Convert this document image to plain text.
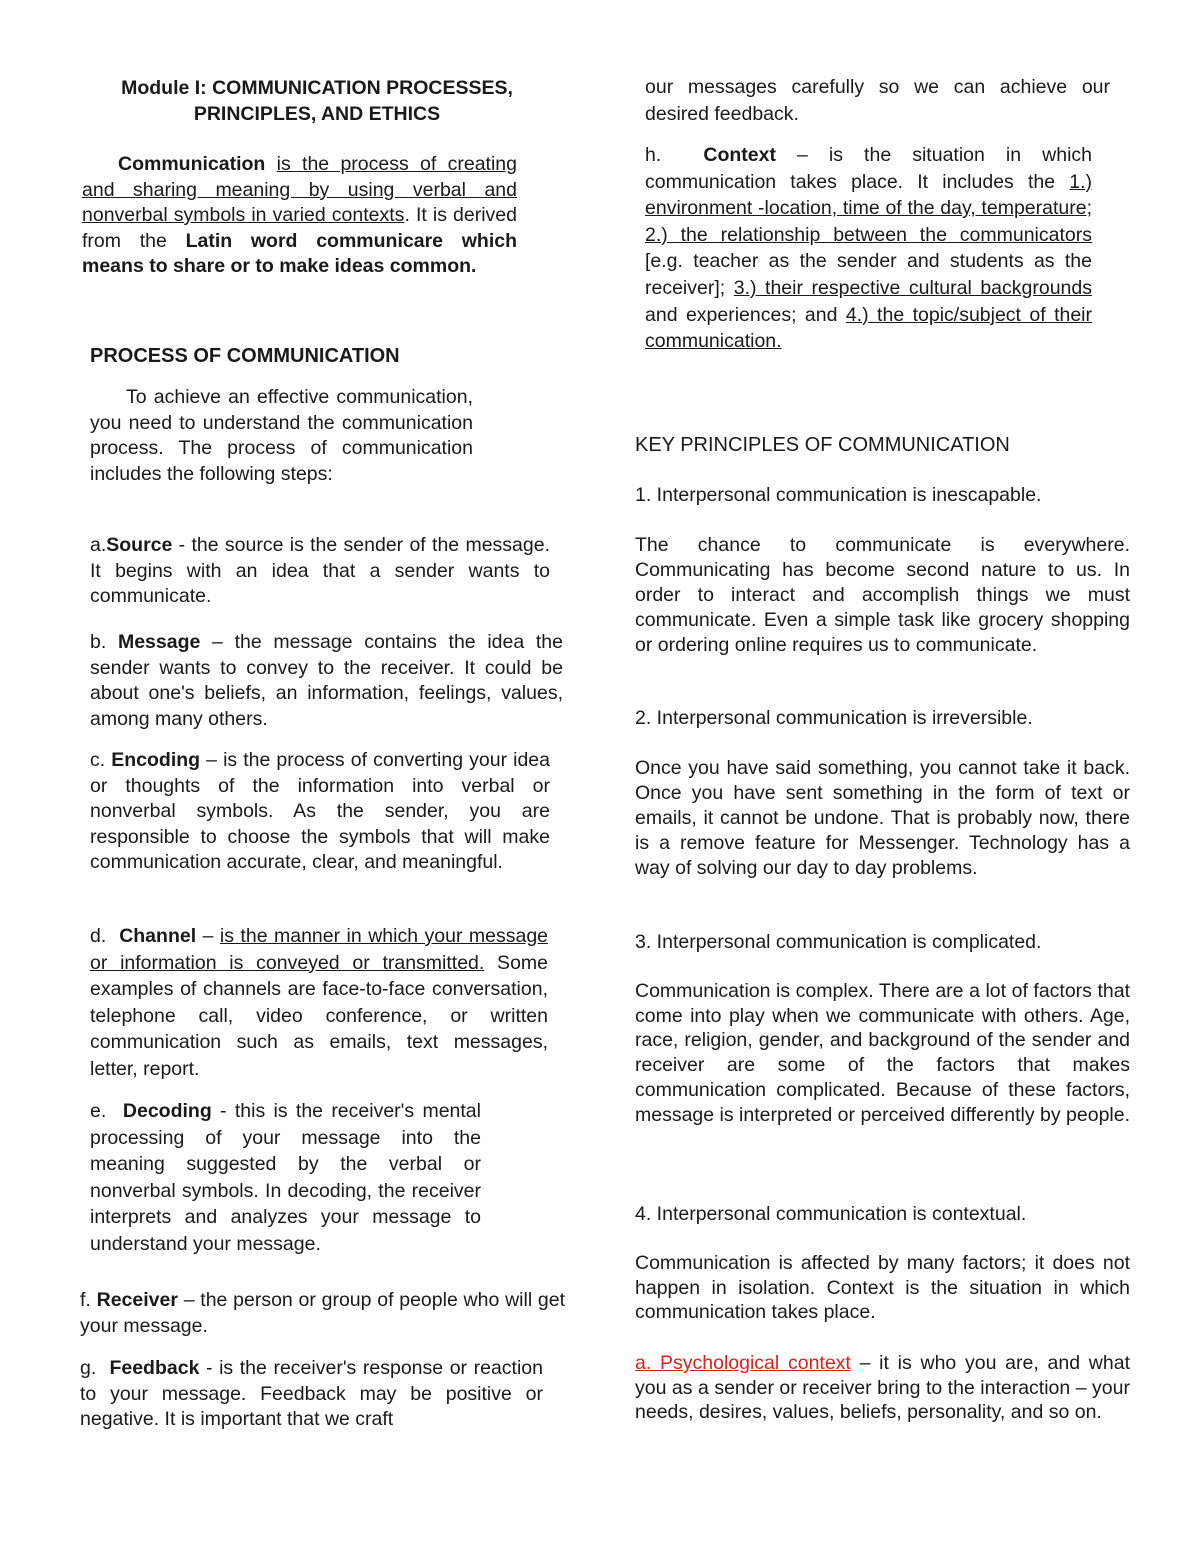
Module I: COMMUNICATION PROCESSES,
PRINCIPLES, AND ETHICS
Communication is the process of creating and sharing meaning by using verbal and nonverbal symbols in varied contexts. It is derived from the Latin word communicare which means to share or to make ideas common.
PROCESS OF COMMUNICATION
To achieve an effective communication, you need to understand the communication process. The process of communication includes the following steps:
a.Source - the source is the sender of the message. It begins with an idea that a sender wants to communicate.
b. Message – the message contains the idea the sender wants to convey to the receiver. It could be about one's beliefs, an information, feelings, values, among many others.
c. Encoding – is the process of converting your idea or thoughts of the information into verbal or nonverbal symbols. As the sender, you are responsible to choose the symbols that will make communication accurate, clear, and meaningful.
d. Channel – is the manner in which your message or information is conveyed or transmitted. Some examples of channels are face-to-face conversation, telephone call, video conference, or written communication such as emails, text messages, letter, report.
e. Decoding - this is the receiver's mental processing of your message into the meaning suggested by the verbal or nonverbal symbols. In decoding, the receiver interprets and analyzes your message to understand your message.
f. Receiver – the person or group of people who will get your message.
g. Feedback - is the receiver's response or reaction to your message. Feedback may be positive or negative. It is important that we craft
our messages carefully so we can achieve our desired feedback.
h. Context – is the situation in which communication takes place. It includes the 1.) environment -location, time of the day, temperature; 2.) the relationship between the communicators [e.g. teacher as the sender and students as the receiver]; 3.) their respective cultural backgrounds and experiences; and 4.) the topic/subject of their communication.
KEY PRINCIPLES OF COMMUNICATION
1. Interpersonal communication is inescapable.
The chance to communicate is everywhere. Communicating has become second nature to us. In order to interact and accomplish things we must communicate. Even a simple task like grocery shopping or ordering online requires us to communicate.
2. Interpersonal communication is irreversible.
Once you have said something, you cannot take it back. Once you have sent something in the form of text or emails, it cannot be undone. That is probably now, there is a remove feature for Messenger. Technology has a way of solving our day to day problems.
3. Interpersonal communication is complicated.
Communication is complex. There are a lot of factors that come into play when we communicate with others. Age, race, religion, gender, and background of the sender and receiver are some of the factors that makes communication complicated. Because of these factors, message is interpreted or perceived differently by people.
4. Interpersonal communication is contextual.
Communication is affected by many factors; it does not happen in isolation. Context is the situation in which communication takes place.
a. Psychological context – it is who you are, and what you as a sender or receiver bring to the interaction – your needs, desires, values, beliefs, personality, and so on.
